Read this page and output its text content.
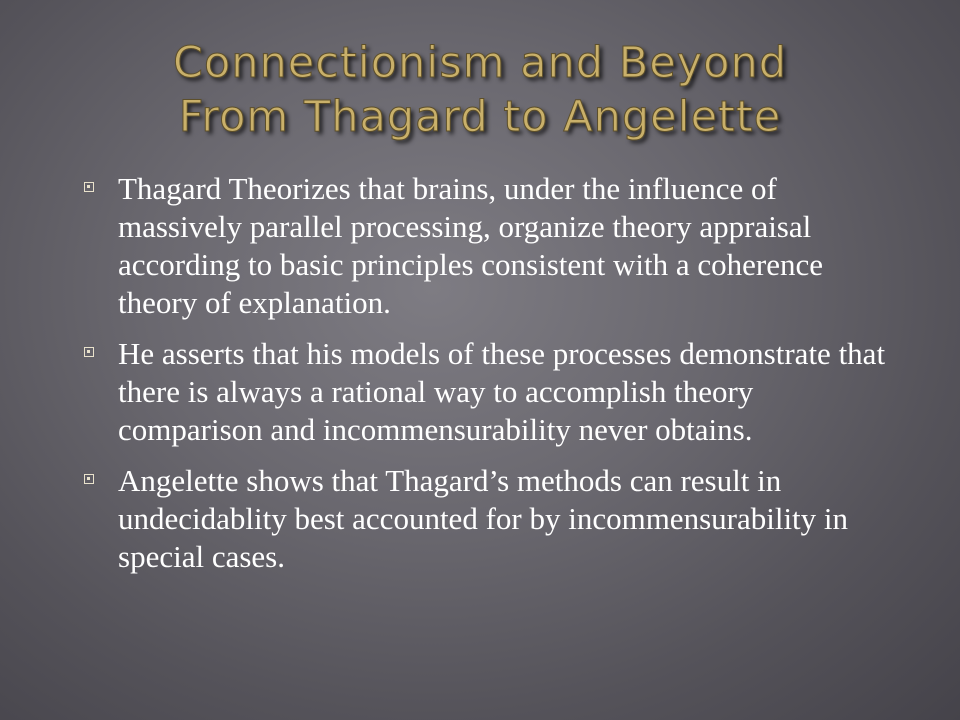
Connectionism and Beyond
From Thagard to Angelette
Thagard Theorizes that brains, under the influence of massively parallel processing, organize theory appraisal according to basic principles consistent with a coherence theory of explanation.
He asserts that his models of these processes demonstrate that there is always a rational way to accomplish theory comparison and incommensurability never obtains.
Angelette shows that Thagard’s methods can result in undecidablity best accounted for by incommensurability in special cases.
